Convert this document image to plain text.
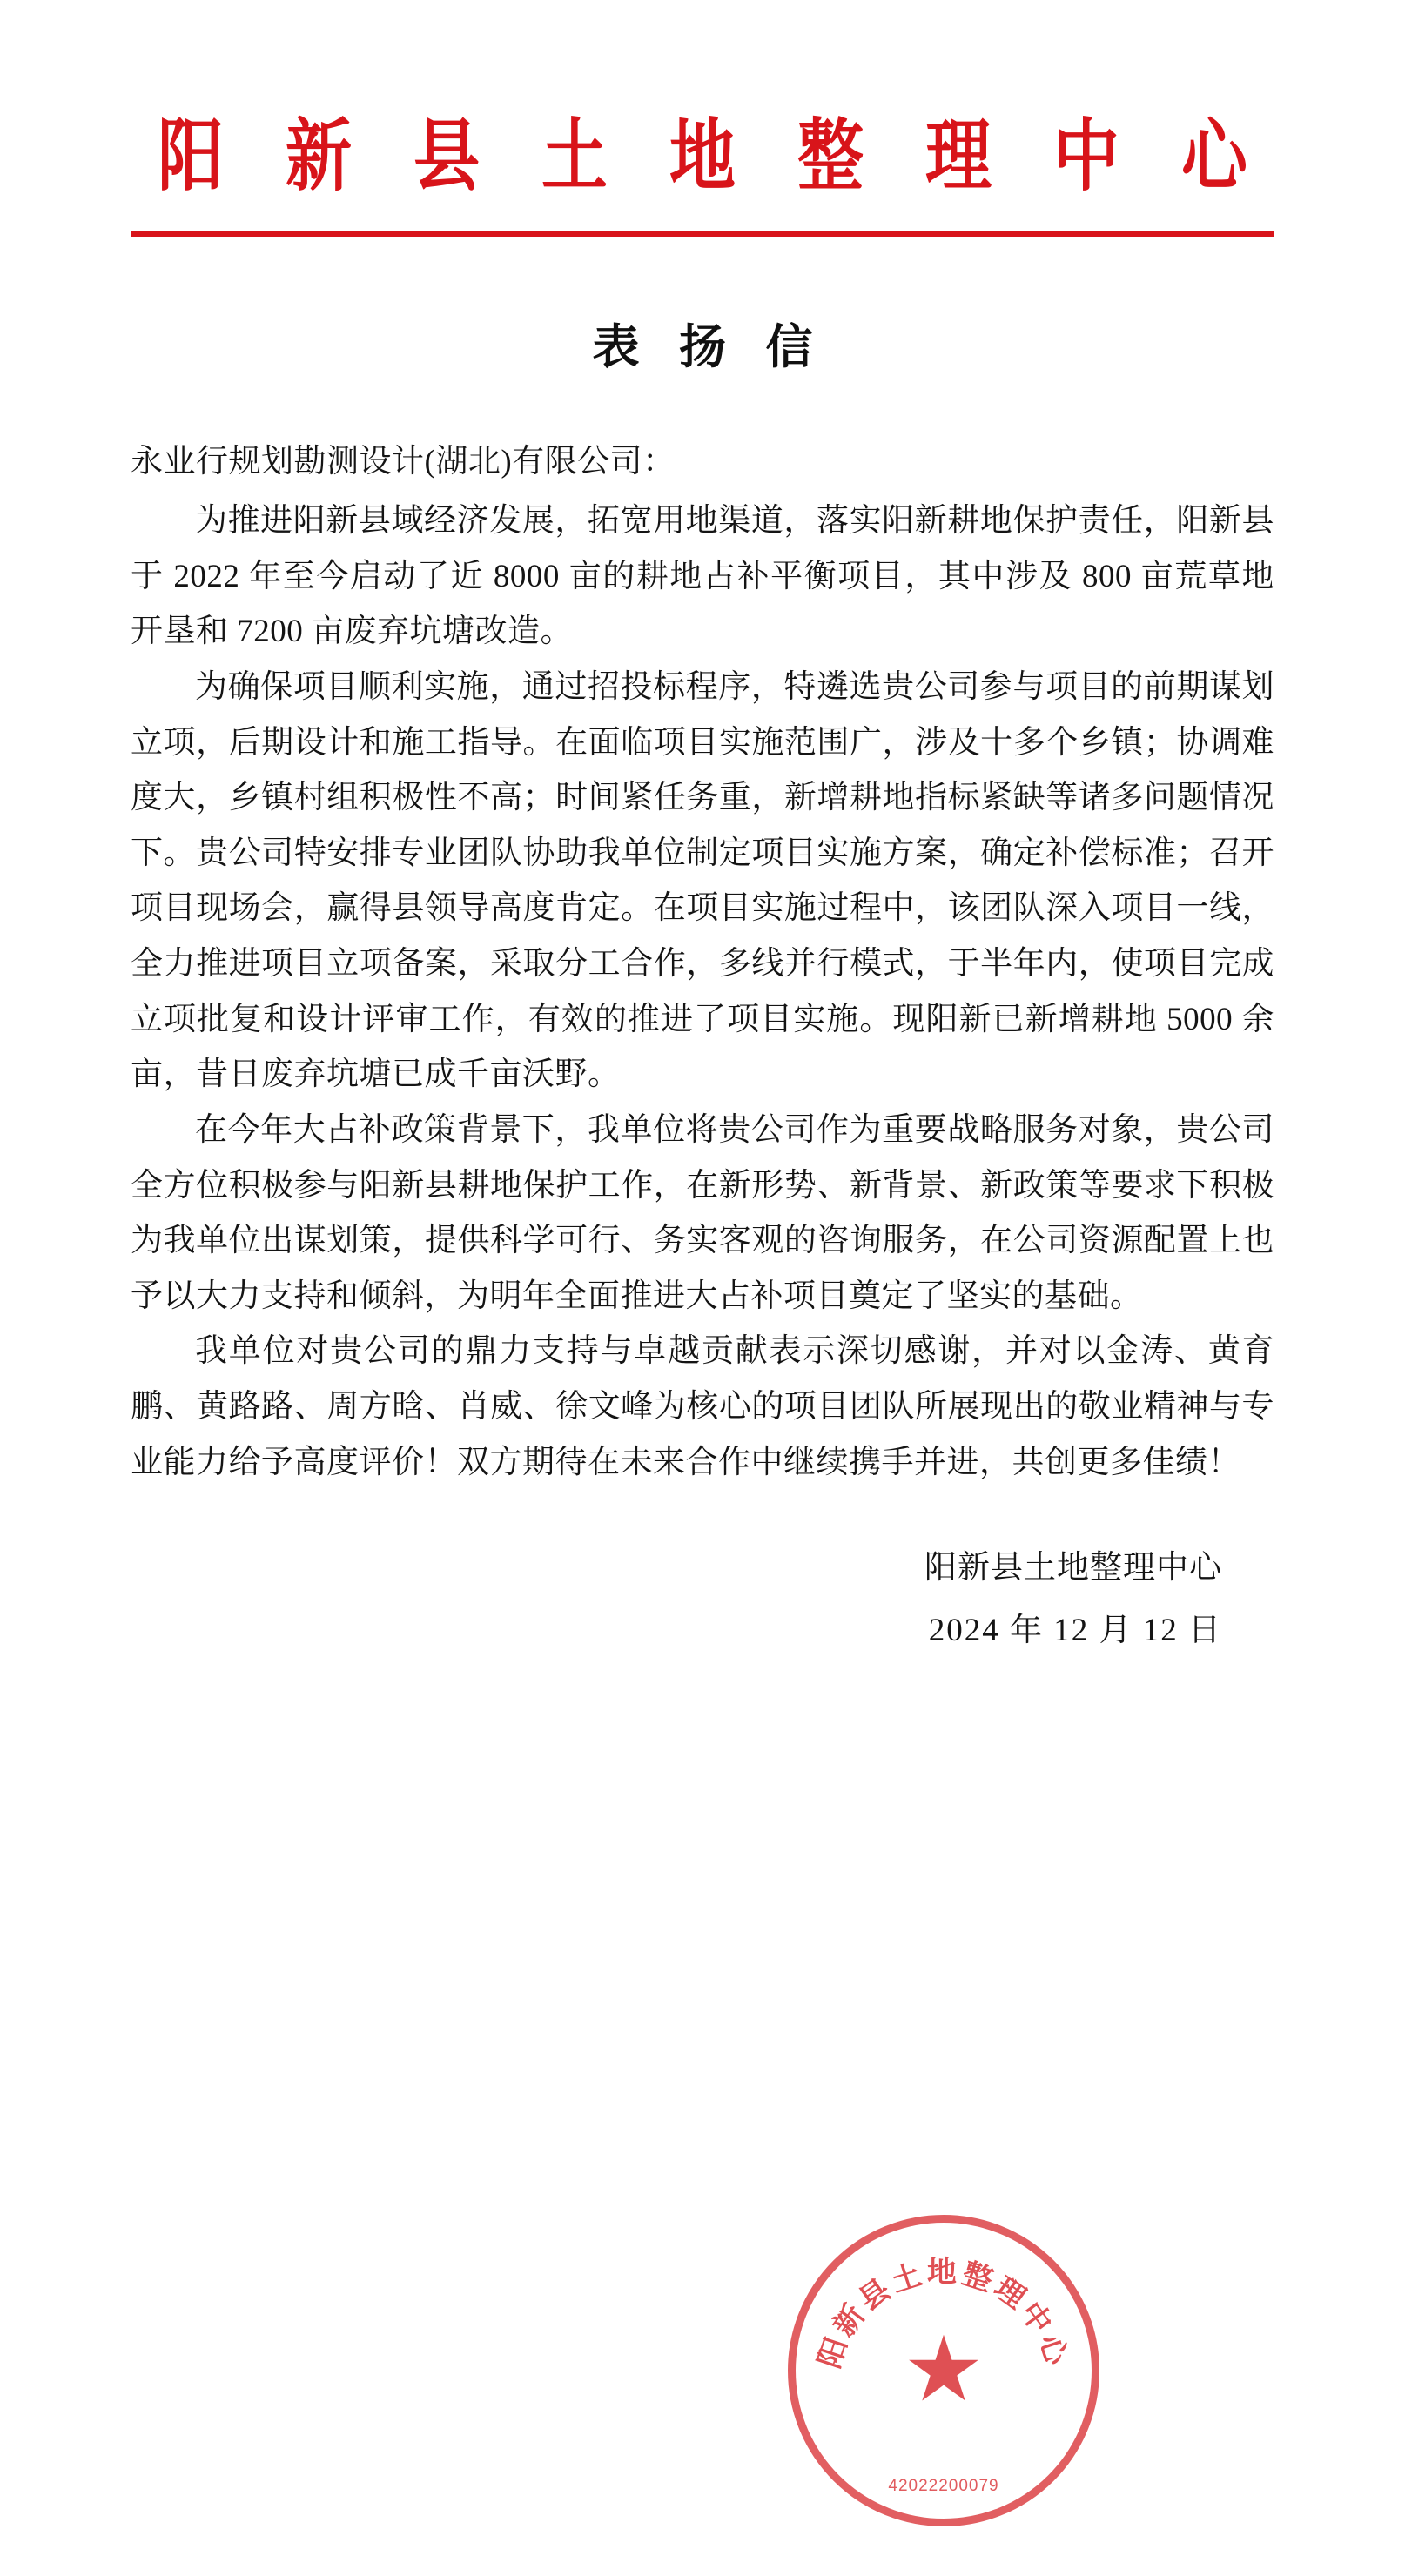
阳 新 县 土 地 整 理 中 心
表 扬 信

永业行规划勘测设计(湖北)有限公司：

为推进阳新县域经济发展，拓宽用地渠道，落实阳新耕地保护责任，阳新县于 2022 年至今启动了近 8000 亩的耕地占补平衡项目，其中涉及 800 亩荒草地开垦和 7200 亩废弃坑塘改造。

为确保项目顺利实施，通过招投标程序，特遴选贵公司参与项目的前期谋划立项，后期设计和施工指导。在面临项目实施范围广，涉及十多个乡镇；协调难度大，乡镇村组积极性不高；时间紧任务重，新增耕地指标紧缺等诸多问题情况下。贵公司特安排专业团队协助我单位制定项目实施方案，确定补偿标准；召开项目现场会，赢得县领导高度肯定。在项目实施过程中，该团队深入项目一线，全力推进项目立项备案，采取分工合作，多线并行模式，于半年内，使项目完成立项批复和设计评审工作，有效的推进了项目实施。现阳新已新增耕地 5000 余亩，昔日废弃坑塘已成千亩沃野。

在今年大占补政策背景下，我单位将贵公司作为重要战略服务对象，贵公司全方位积极参与阳新县耕地保护工作，在新形势、新背景、新政策等要求下积极为我单位出谋划策，提供科学可行、务实客观的咨询服务，在公司资源配置上也予以大力支持和倾斜，为明年全面推进大占补项目奠定了坚实的基础。

我单位对贵公司的鼎力支持与卓越贡献表示深切感谢，并对以金涛、黄育鹏、黄路路、周方晗、肖威、徐文峰为核心的项目团队所展现出的敬业精神与专业能力给予高度评价！双方期待在未来合作中继续携手并进，共创更多佳绩！

阳新县土地整理中心
2024 年 12 月 12 日
阳新县土地整理中心
★
42022200079
